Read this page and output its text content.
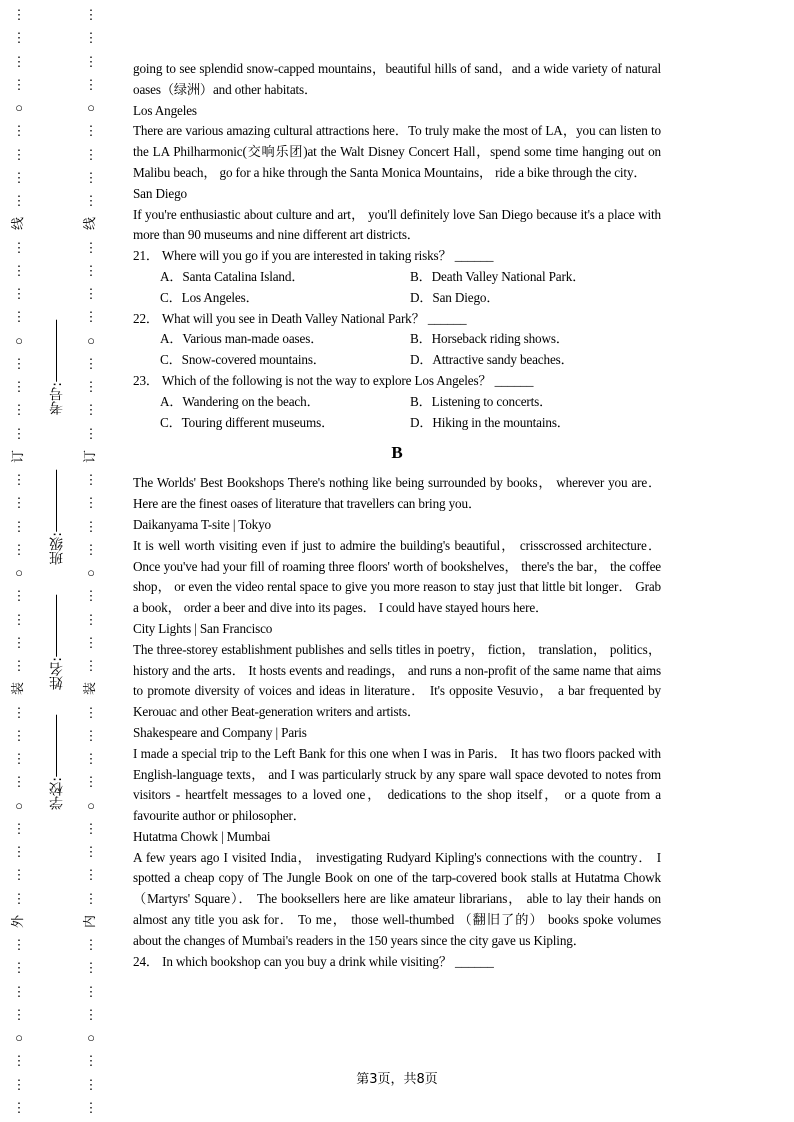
⋮
⋮
⋮
⋮
○
⋮
⋮
⋮
⋮
线
⋮
⋮
⋮
⋮
○
⋮
⋮
⋮
⋮
订
⋮
⋮
⋮
⋮
○
⋮
⋮
⋮
⋮
装
⋮
⋮
⋮
⋮
○
⋮
⋮
⋮
⋮
外
⋮
⋮
⋮
⋮
○
⋮
⋮
⋮
⋮
⋮
⋮
⋮
○
⋮
⋮
⋮
⋮
线
⋮
⋮
⋮
⋮
○
⋮
⋮
⋮
⋮
订
⋮
⋮
⋮
⋮
○
⋮
⋮
⋮
⋮
装
⋮
⋮
⋮
⋮
○
⋮
⋮
⋮
⋮
内
⋮
⋮
⋮
⋮
○
⋮
⋮
⋮
学校:
姓名:
班级:
考号:

going to see splendid snow-capped mountains，beautiful hills of sand，and a wide variety of natural oases（绿洲）and other habitats．

Los Angeles

There are various amazing cultural attractions here．To truly make the most of LA，you can listen to the LA Philharmonic(交响乐团)at the Walt Disney Concert Hall，spend some time hanging out on Malibu beach， go for a hike through the Santa Monica Mountains， ride a bike through the city．

San Diego

If you're enthusiastic about culture and art， you'll definitely love San Diego because it's a place with more than 90 museums and nine different art districts．

21． Where will you go if you are interested in taking risks？ ______

A．Santa Catalina Island．	B．Death Valley National Park．
C．Los Angeles．	D．San Diego．

22． What will you see in Death Valley National Park？ ______

A．Various man-made oases．	B．Horseback riding shows．
C．Snow-covered mountains．	D．Attractive sandy beaches．

23． Which of the following is not the way to explore Los Angeles？ ______

A．Wandering on the beach．	B．Listening to concerts．
C．Touring different museums．	D．Hiking in the mountains．
B

The Worlds' Best Bookshops There's nothing like being surrounded by books， wherever you are． Here are the finest oases of literature that travellers can bring you．

Daikanyama T-site | Tokyo

It is well worth visiting even if just to admire the building's beautiful， crisscrossed architecture． Once you've had your fill of roaming three floors' worth of bookshelves， there's the bar， the coffee shop， or even the video rental space to give you more reason to stay just that little bit longer． Grab a book， order a beer and dive into its pages． I could have stayed hours here．

City Lights | San Francisco

The three-storey establishment publishes and sells titles in poetry， fiction， translation， politics， history and the arts． It hosts events and readings， and runs a non-profit of the same name that aims to promote diversity of voices and ideas in literature． It's opposite Vesuvio， a bar frequented by Kerouac and other Beat-generation writers and artists．

Shakespeare and Company | Paris

I made a special trip to the Left Bank for this one when I was in Paris． It has two floors packed with English-language texts， and I was particularly struck by any spare wall space devoted to notes from visitors - heartfelt messages to a loved one， dedications to the shop itself， or a quote from a favourite author or philosopher．

Hutatma Chowk | Mumbai

A few years ago I visited India， investigating Rudyard Kipling's connections with the country． I spotted a cheap copy of The Jungle Book on one of the tarp-covered book stalls at Hutatma Chowk（Martyrs' Square）． The booksellers here are like amateur librarians， able to lay their hands on almost any title you ask for． To me， those well-thumbed （翻旧了的） books spoke volumes about the changes of Mumbai's readers in the 150 years since the city gave us Kipling．

24． In which bookshop can you buy a drink while visiting？ ______

第3页，共8页
